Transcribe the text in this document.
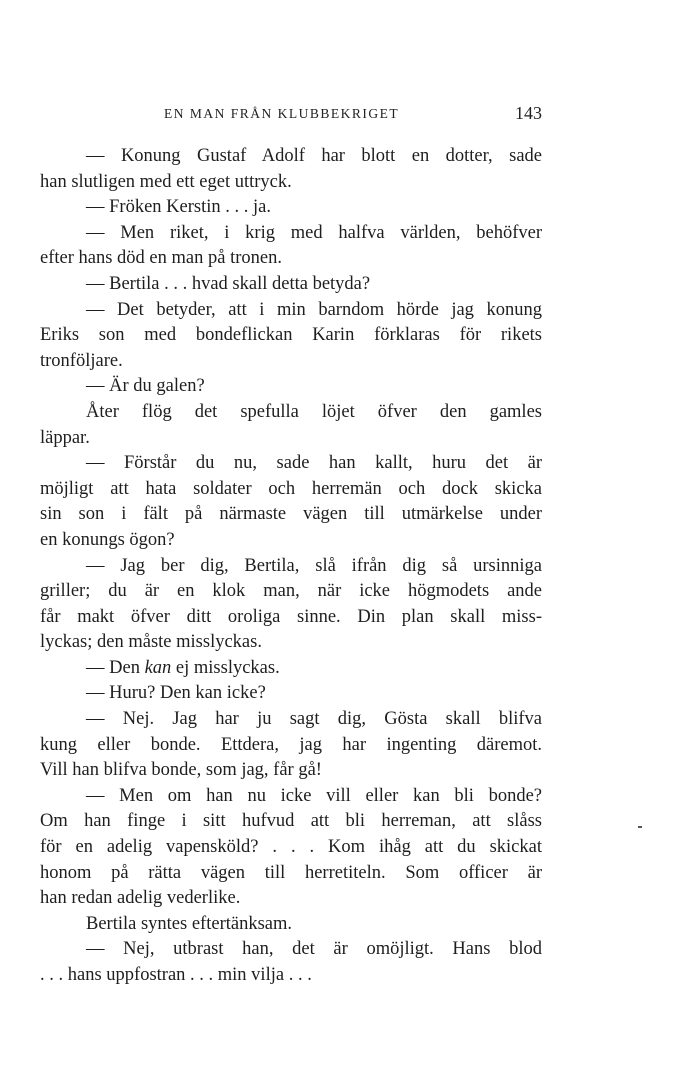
EN MAN FRÅN KLUBBEKRIGET	143
— Konung Gustaf Adolf har blott en dotter, sade
han slutligen med ett eget uttryck.
— Fröken Kerstin . . . ja.
— Men riket, i krig med halfva världen, behöfver
efter hans död en man på tronen.
— Bertila . . . hvad skall detta betyda?
— Det betyder, att i min barndom hörde jag konung
Eriks son med bondeflickan Karin förklaras för rikets
tronföljare.
— Är du galen?
Åter flög det spefulla löjet öfver den gamles
läppar.
— Förstår du nu, sade han kallt, huru det är
möjligt att hata soldater och herremän och dock skicka
sin son i fält på närmaste vägen till utmärkelse under
en konungs ögon?
— Jag ber dig, Bertila, slå ifrån dig så ursinniga
griller; du är en klok man, när icke högmodets ande
får makt öfver ditt oroliga sinne. Din plan skall miss-
lyckas; den måste misslyckas.
— Den kan ej misslyckas.
— Huru? Den kan icke?
— Nej. Jag har ju sagt dig, Gösta skall blifva
kung eller bonde. Ettdera, jag har ingenting däremot.
Vill han blifva bonde, som jag, får gå!
— Men om han nu icke vill eller kan bli bonde?
Om han finge i sitt hufvud att bli herreman, att slåss
för en adelig vapensköld? . . . Kom ihåg att du skickat
honom på rätta vägen till herretiteln. Som officer är
han redan adelig vederlike.
Bertila syntes eftertänksam.
— Nej, utbrast han, det är omöjligt. Hans blod
. . . hans uppfostran . . . min vilja . . .
